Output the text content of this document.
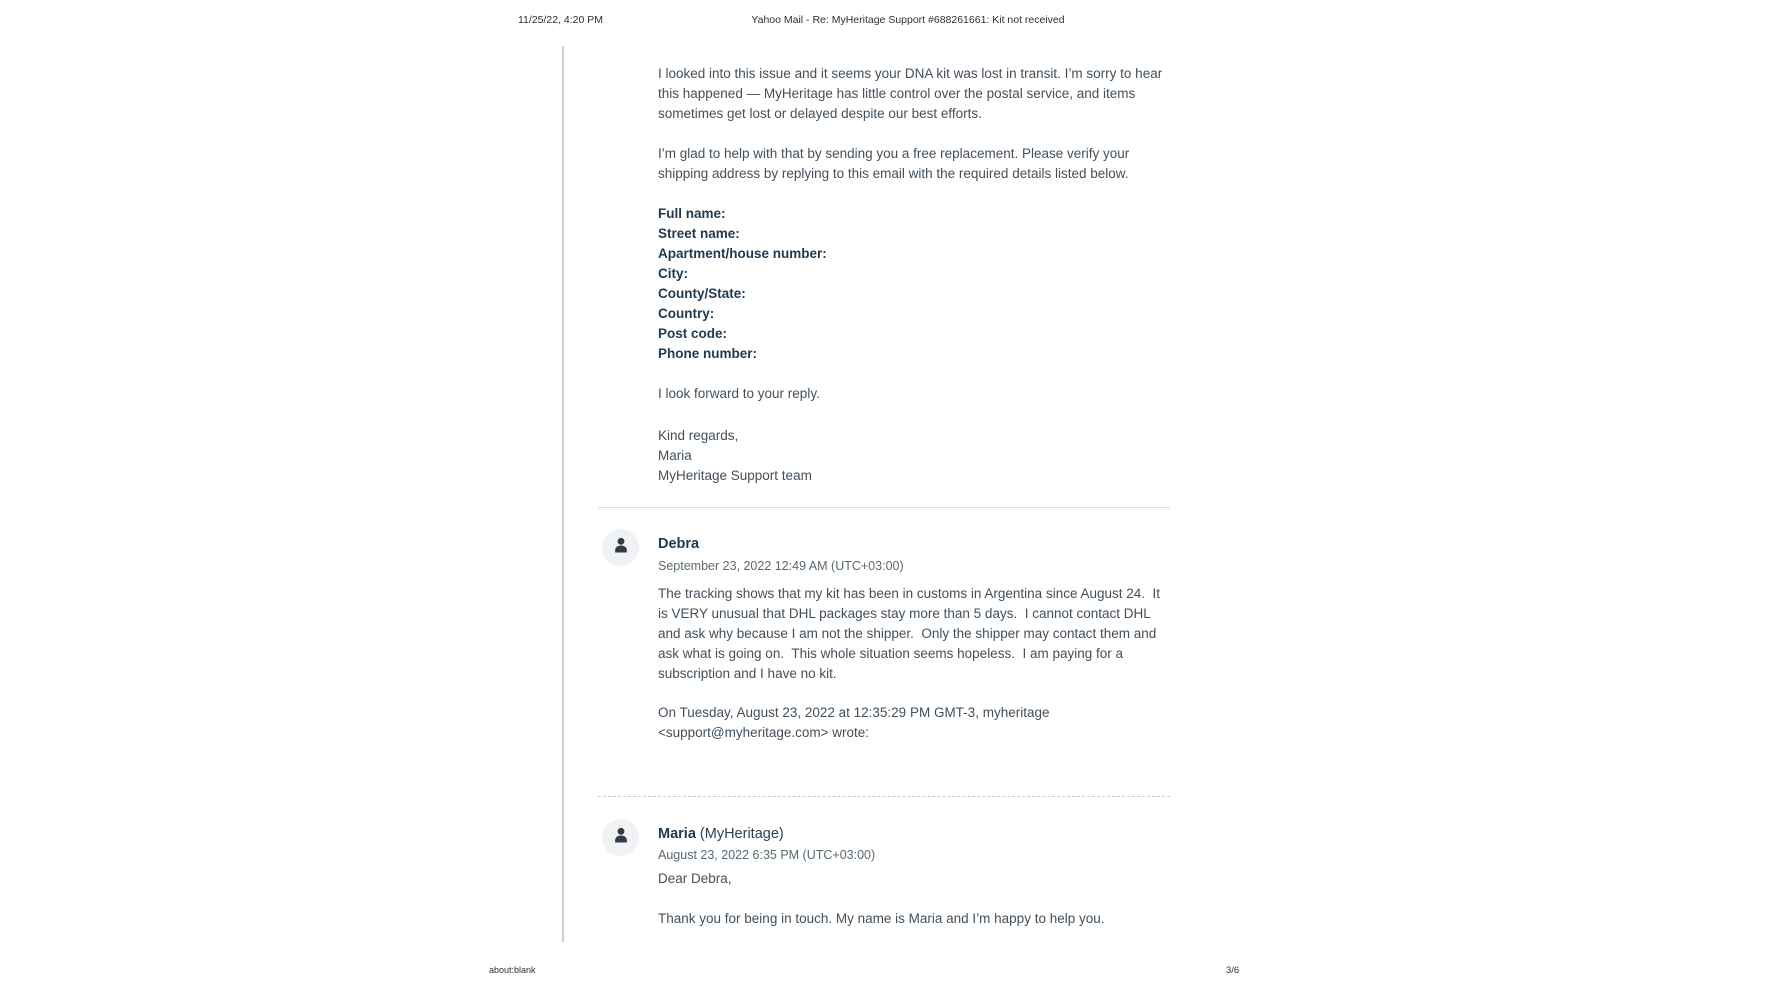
11/25/22, 4:20 PM	Yahoo Mail - Re: MyHeritage Support #688261661: Kit not received
I looked into this issue and it seems your DNA kit was lost in transit. I’m sorry to hear
this happened — MyHeritage has little control over the postal service, and items
sometimes get lost or delayed despite our best efforts.
I’m glad to help with that by sending you a free replacement. Please verify your
shipping address by replying to this email with the required details listed below.
Full name:
Street name:
Apartment/house number:
City:
County/State:
Country:
Post code:
Phone number:
I look forward to your reply.
Kind regards,
Maria
MyHeritage Support team
Debra
September 23, 2022 12:49 AM (UTC+03:00)
The tracking shows that my kit has been in customs in Argentina since August 24.  It
is VERY unusual that DHL packages stay more than 5 days.  I cannot contact DHL
and ask why because I am not the shipper.  Only the shipper may contact them and
ask what is going on.  This whole situation seems hopeless.  I am paying for a
subscription and I have no kit.
On Tuesday, August 23, 2022 at 12:35:29 PM GMT-3, myheritage
<support@myheritage.com> wrote:
Maria (MyHeritage)
August 23, 2022 6:35 PM (UTC+03:00)
Dear Debra,

Thank you for being in touch. My name is Maria and I’m happy to help you.
about:blank	3/6
